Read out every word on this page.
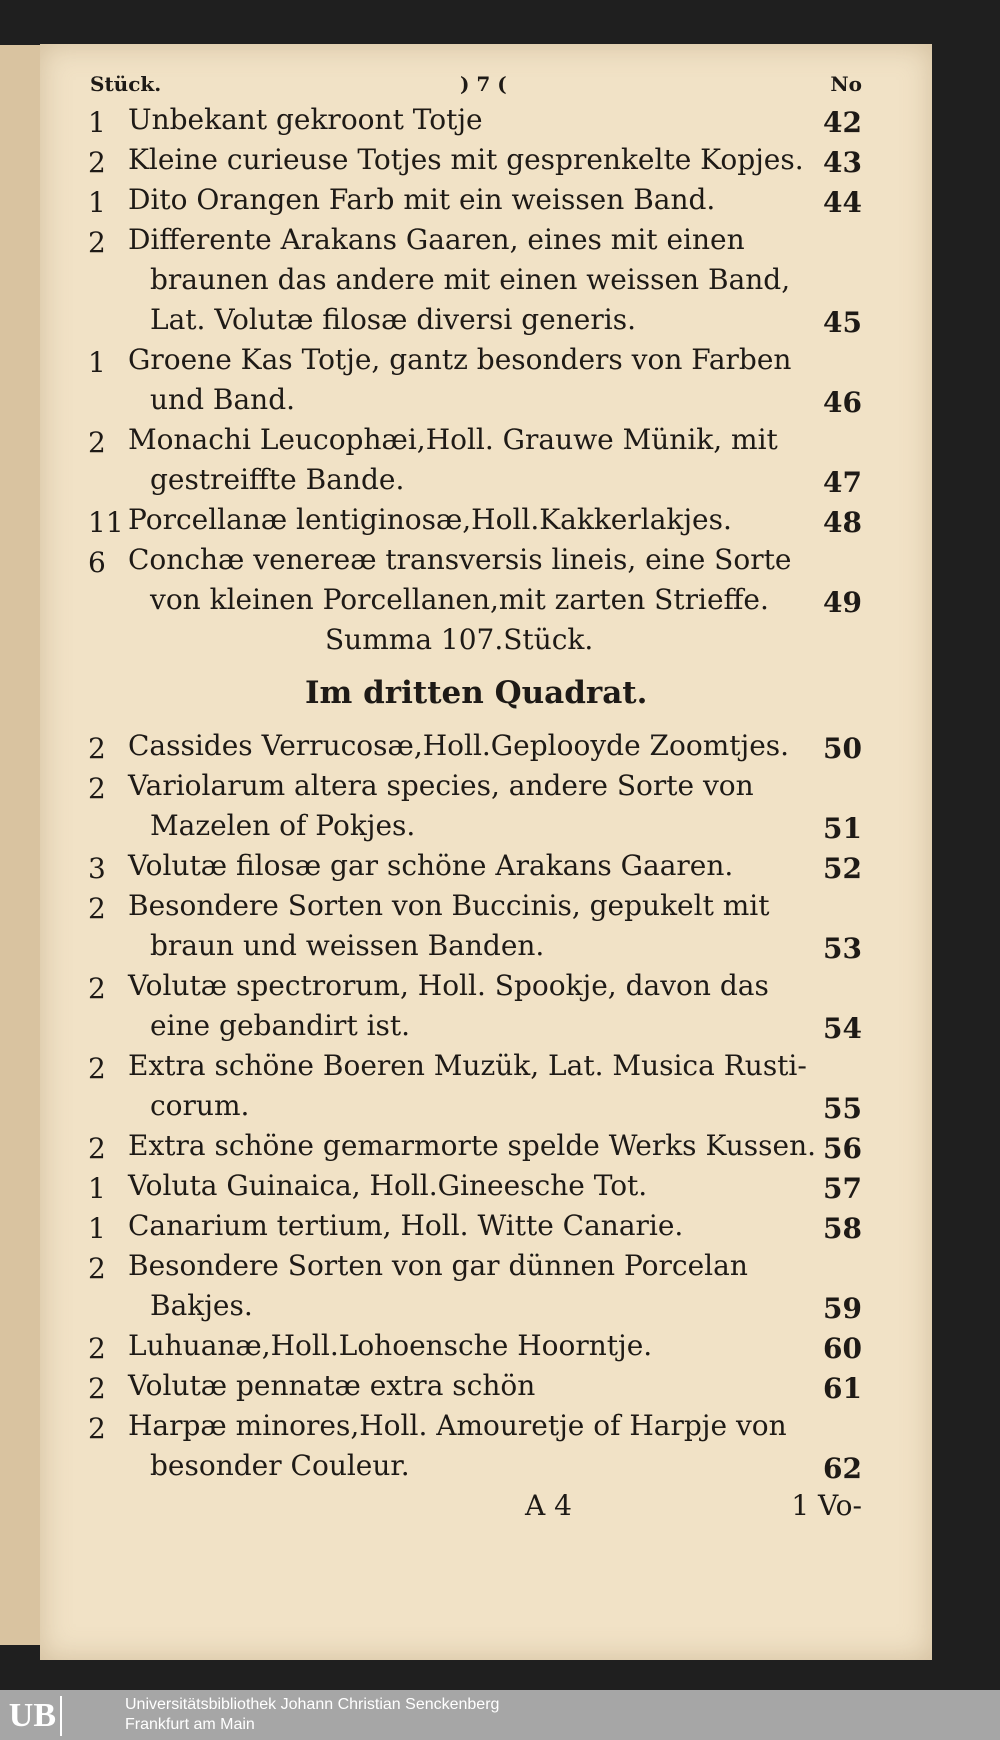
Stück.	) 7 (	No
1 Unbekant gekroont Totje	42
2 Kleine curieuse Totjes mit gesprenkelte Kopjes. 43
1 Dito Orangen Farb mit ein weissen Band.	44
2 Differente Arakans Gaaren, eines mit einen
braunen das andere mit einen weissen Band,
Lat. Volutæ filosæ diversi generis.	45
1 Groene Kas Totje, gantz besonders von Farben
und Band.	46
2 Monachi Leucophæi,Holl. Grauwe Münik, mit
gestreiffte Bande.	47
11 Porcellanæ lentiginosæ,Holl.Kakkerlakjes.	48
6 Conchæ venereæ transversis lineis, eine Sorte
von kleinen Porcellanen,mit zarten Strieffe. 49
Summa 107.Stück.
Im dritten Quadrat.
2 Cassides Verrucosæ,Holl.Geplooyde Zoomtjes. 50
2 Variolarum altera species, andere Sorte von
Mazelen of Pokjes.	51
3 Volutæ filosæ gar schöne Arakans Gaaren.	52
2 Besondere Sorten von Buccinis, gepukelt mit
braun und weissen Banden.	53
2 Volutæ spectrorum, Holl. Spookje, davon das
eine gebandirt ist.	54
2 Extra schöne Boeren Muzük, Lat. Musica Rusti-
corum.	55
2 Extra schöne gemarmorte spelde Werks Kussen. 56
1 Voluta Guinaica, Holl.Gineesche Tot.	57
1 Canarium tertium, Holl. Witte Canarie.	58
2 Besondere Sorten von gar dünnen Porcelan
Bakjes.	59
2 Luhuanæ,Holl.Lohoensche Hoorntje.	60
2 Volutæ pennatæ extra schön	61
2 Harpæ minores,Holl. Amouretje of Harpje von
besonder Couleur.	62
A 4	1 Vo-
UB	Universitätsbibliothek Johann Christian Senckenberg
Frankfurt am Main
